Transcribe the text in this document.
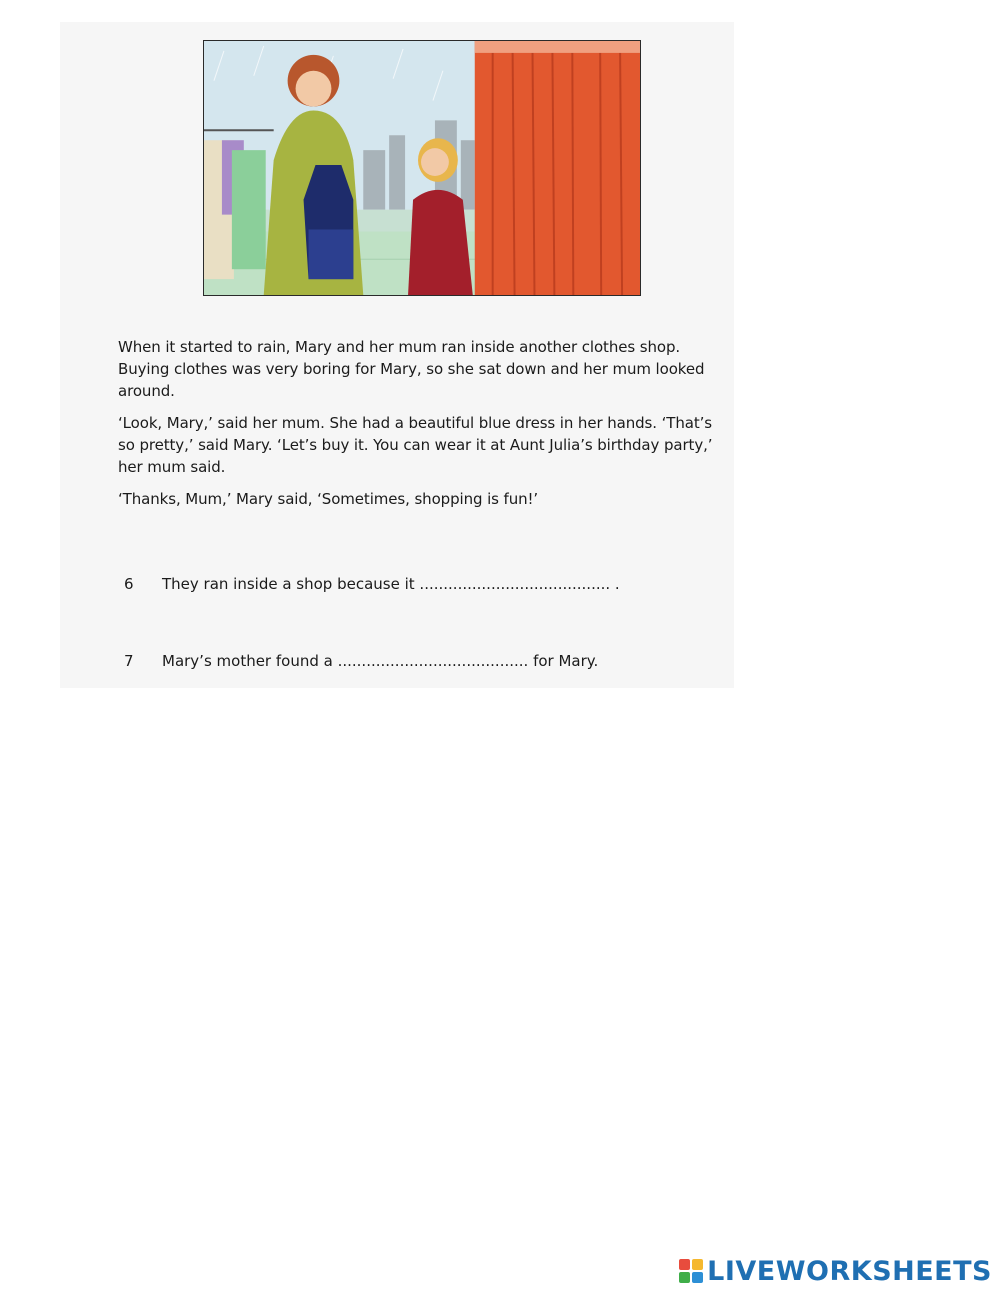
When it started to rain, Mary and her mum ran inside another clothes shop. Buying clothes was very boring for Mary, so she sat down and her mum looked around.

‘Look, Mary,’ said her mum. She had a beautiful blue dress in her hands. ‘That’s so pretty,’ said Mary. ‘Let’s buy it. You can wear it at Aunt Julia’s birthday party,’ her mum said.

‘Thanks, Mum,’ Mary said, ‘Sometimes, shopping is fun!’

6 They ran inside a shop because it ........................................ .
7 Mary’s mother found a ........................................ for Mary.
LIVEWORKSHEETS
